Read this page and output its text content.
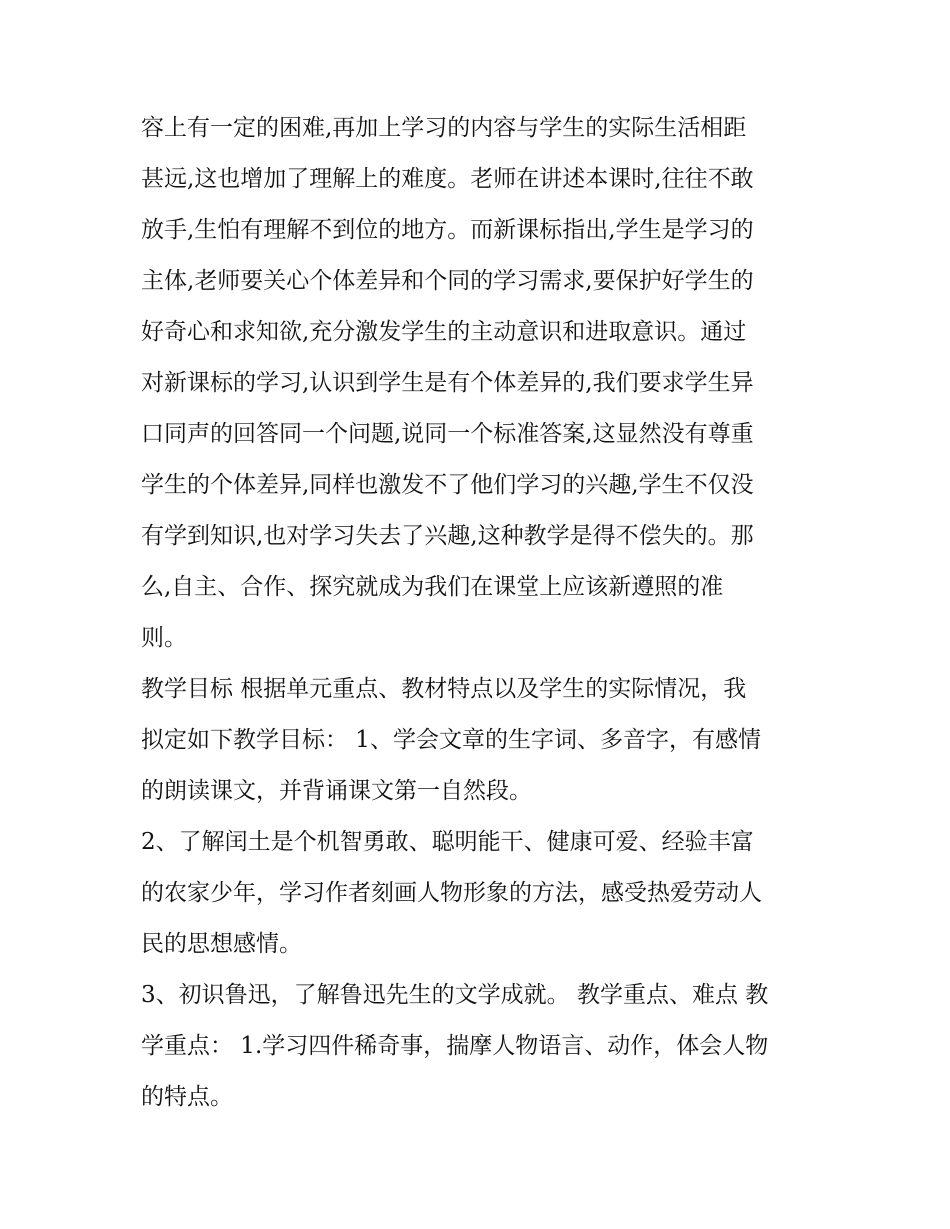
容上有一定的困难,再加上学习的内容与学生的实际生活相距
甚远,这也增加了理解上的难度。老师在讲述本课时,往往不敢
放手,生怕有理解不到位的地方。而新课标指出,学生是学习的
主体,老师要关心个体差异和个同的学习需求,要保护好学生的
好奇心和求知欲,充分激发学生的主动意识和进取意识。通过
对新课标的学习,认识到学生是有个体差异的,我们要求学生异
口同声的回答同一个问题,说同一个标准答案,这显然没有尊重
学生的个体差异,同样也激发不了他们学习的兴趣,学生不仅没
有学到知识,也对学习失去了兴趣,这种教学是得不偿失的。那
么,自主、合作、探究就成为我们在课堂上应该新遵照的准
则。
教学目标 根据单元重点、教材特点以及学生的实际情况，我
拟定如下教学目标： 1、学会文章的生字词、多音字，有感情
的朗读课文，并背诵课文第一自然段。
2、了解闰土是个机智勇敢、聪明能干、健康可爱、经验丰富
的农家少年，学习作者刻画人物形象的方法，感受热爱劳动人
民的思想感情。
3、初识鲁迅，了解鲁迅先生的文学成就。 教学重点、难点 教
学重点： 1.学习四件稀奇事，揣摩人物语言、动作，体会人物
的特点。
